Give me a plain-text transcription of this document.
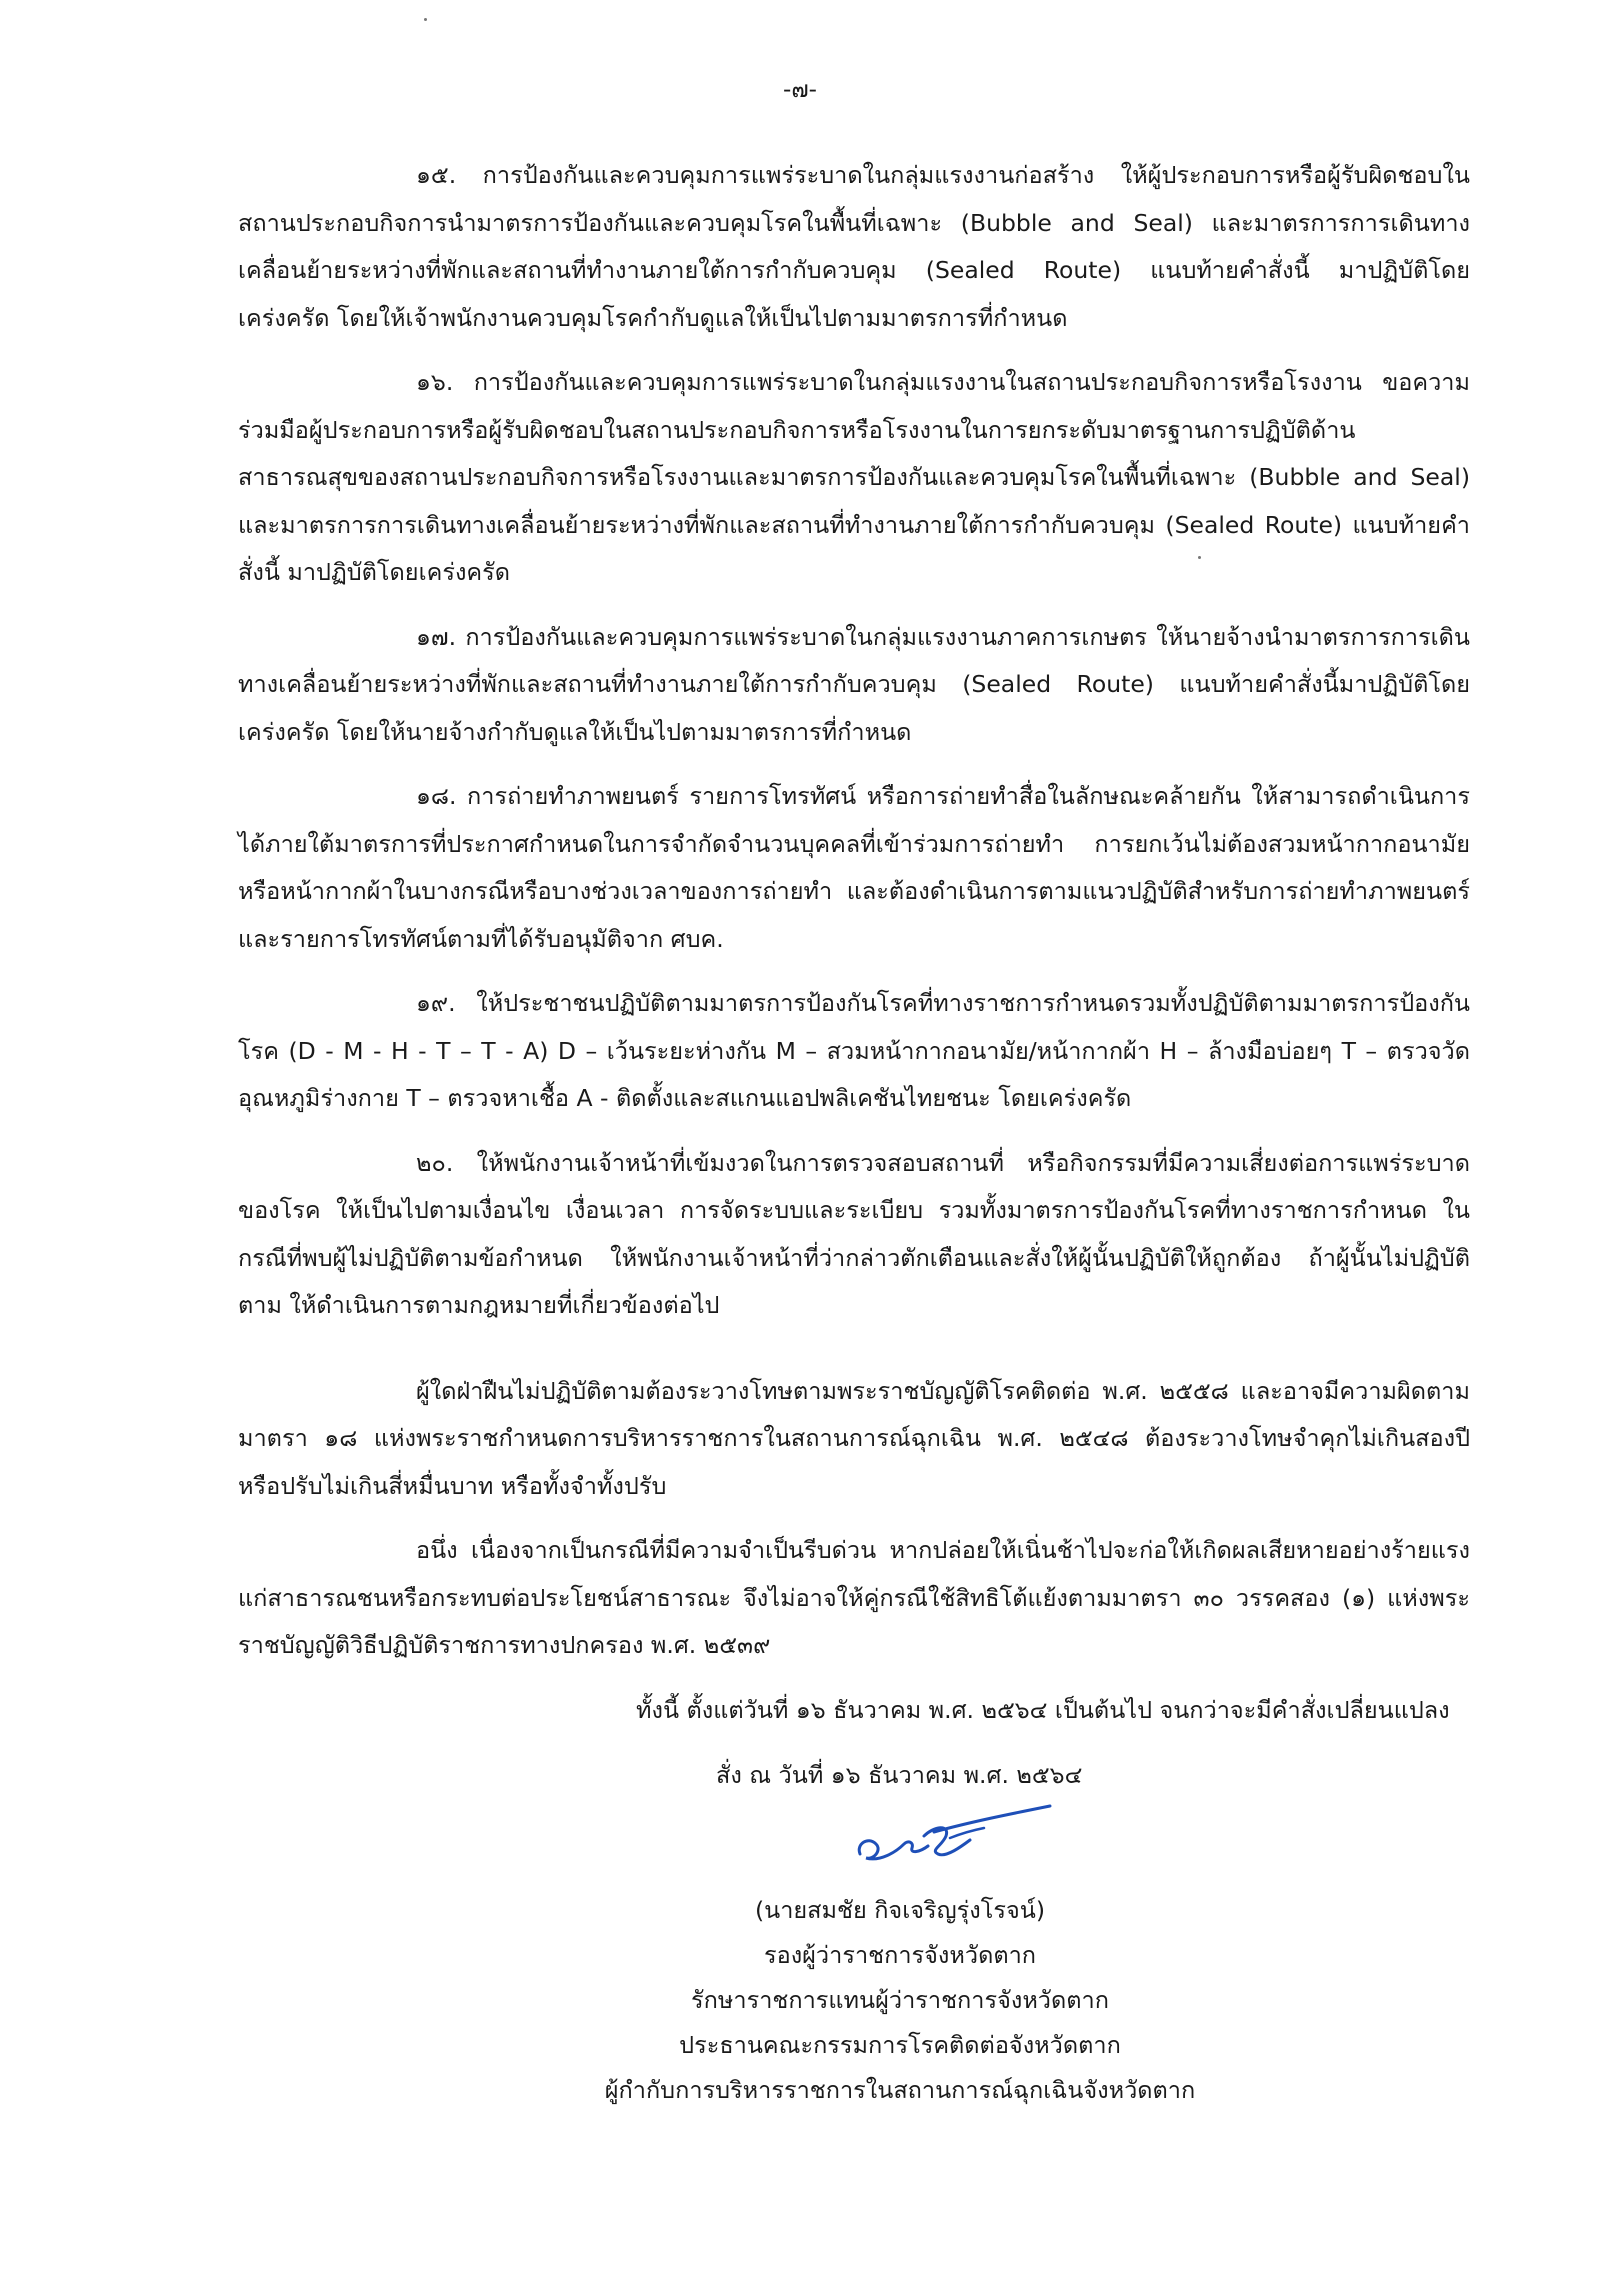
-๗-

๑๕. การป้องกันและควบคุมการแพร่ระบาดในกลุ่มแรงงานก่อสร้าง ให้ผู้ประกอบการหรือผู้รับผิดชอบในสถานประกอบกิจการนำมาตรการป้องกันและควบคุมโรคในพื้นที่เฉพาะ (Bubble and Seal) และมาตรการการเดินทางเคลื่อนย้ายระหว่างที่พักและสถานที่ทำงานภายใต้การกำกับควบคุม (Sealed Route) แนบท้ายคำสั่งนี้ มาปฏิบัติโดยเคร่งครัด โดยให้เจ้าพนักงานควบคุมโรคกำกับดูแลให้เป็นไปตามมาตรการที่กำหนด

๑๖. การป้องกันและควบคุมการแพร่ระบาดในกลุ่มแรงงานในสถานประกอบกิจการหรือโรงงาน ขอความร่วมมือผู้ประกอบการหรือผู้รับผิดชอบในสถานประกอบกิจการหรือโรงงานในการยกระดับมาตรฐานการปฏิบัติด้านสาธารณสุขของสถานประกอบกิจการหรือโรงงานและมาตรการป้องกันและควบคุมโรคในพื้นที่เฉพาะ (Bubble and Seal) และมาตรการการเดินทางเคลื่อนย้ายระหว่างที่พักและสถานที่ทำงานภายใต้การกำกับควบคุม (Sealed Route) แนบท้ายคำสั่งนี้ มาปฏิบัติโดยเคร่งครัด

๑๗. การป้องกันและควบคุมการแพร่ระบาดในกลุ่มแรงงานภาคการเกษตร ให้นายจ้างนำมาตรการการเดินทางเคลื่อนย้ายระหว่างที่พักและสถานที่ทำงานภายใต้การกำกับควบคุม (Sealed Route) แนบท้ายคำสั่งนี้มาปฏิบัติโดยเคร่งครัด โดยให้นายจ้างกำกับดูแลให้เป็นไปตามมาตรการที่กำหนด

๑๘. การถ่ายทำภาพยนตร์ รายการโทรทัศน์ หรือการถ่ายทำสื่อในลักษณะคล้ายกัน ให้สามารถดำเนินการได้ภายใต้มาตรการที่ประกาศกำหนดในการจำกัดจำนวนบุคคลที่เข้าร่วมการถ่ายทำ การยกเว้นไม่ต้องสวมหน้ากากอนามัยหรือหน้ากากผ้าในบางกรณีหรือบางช่วงเวลาของการถ่ายทำ และต้องดำเนินการตามแนวปฏิบัติสำหรับการถ่ายทำภาพยนตร์และรายการโทรทัศน์ตามที่ได้รับอนุมัติจาก ศบค.

๑๙. ให้ประชาชนปฏิบัติตามมาตรการป้องกันโรคที่ทางราชการกำหนดรวมทั้งปฏิบัติตามมาตรการป้องกันโรค (D - M - H - T – T - A) D – เว้นระยะห่างกัน M – สวมหน้ากากอนามัย/หน้ากากผ้า H – ล้างมือบ่อยๆ T – ตรวจวัดอุณหภูมิร่างกาย T – ตรวจหาเชื้อ A - ติดตั้งและสแกนแอปพลิเคชันไทยชนะ โดยเคร่งครัด

๒๐. ให้พนักงานเจ้าหน้าที่เข้มงวดในการตรวจสอบสถานที่ หรือกิจกรรมที่มีความเสี่ยงต่อการแพร่ระบาดของโรค ให้เป็นไปตามเงื่อนไข เงื่อนเวลา การจัดระบบและระเบียบ รวมทั้งมาตรการป้องกันโรคที่ทางราชการกำหนด ในกรณีที่พบผู้ไม่ปฏิบัติตามข้อกำหนด ให้พนักงานเจ้าหน้าที่ว่ากล่าวตักเตือนและสั่งให้ผู้นั้นปฏิบัติให้ถูกต้อง ถ้าผู้นั้นไม่ปฏิบัติตาม ให้ดำเนินการตามกฎหมายที่เกี่ยวข้องต่อไป

ผู้ใดฝ่าฝืนไม่ปฏิบัติตามต้องระวางโทษตามพระราชบัญญัติโรคติดต่อ พ.ศ. ๒๕๕๘ และอาจมีความผิดตามมาตรา ๑๘ แห่งพระราชกำหนดการบริหารราชการในสถานการณ์ฉุกเฉิน พ.ศ. ๒๕๔๘ ต้องระวางโทษจำคุกไม่เกินสองปี หรือปรับไม่เกินสี่หมื่นบาท หรือทั้งจำทั้งปรับ

อนึ่ง เนื่องจากเป็นกรณีที่มีความจำเป็นรีบด่วน หากปล่อยให้เนิ่นช้าไปจะก่อให้เกิดผลเสียหายอย่างร้ายแรงแก่สาธารณชนหรือกระทบต่อประโยชน์สาธารณะ จึงไม่อาจให้คู่กรณีใช้สิทธิโต้แย้งตามมาตรา ๓๐ วรรคสอง (๑) แห่งพระราชบัญญัติวิธีปฏิบัติราชการทางปกครอง พ.ศ. ๒๕๓๙

ทั้งนี้ ตั้งแต่วันที่ ๑๖ ธันวาคม พ.ศ. ๒๕๖๔ เป็นต้นไป จนกว่าจะมีคำสั่งเปลี่ยนแปลง

สั่ง ณ วันที่ ๑๖ ธันวาคม พ.ศ. ๒๕๖๔

(นายสมชัย กิจเจริญรุ่งโรจน์)
รองผู้ว่าราชการจังหวัดตาก
รักษาราชการแทนผู้ว่าราชการจังหวัดตาก
ประธานคณะกรรมการโรคติดต่อจังหวัดตาก
ผู้กำกับการบริหารราชการในสถานการณ์ฉุกเฉินจังหวัดตาก
